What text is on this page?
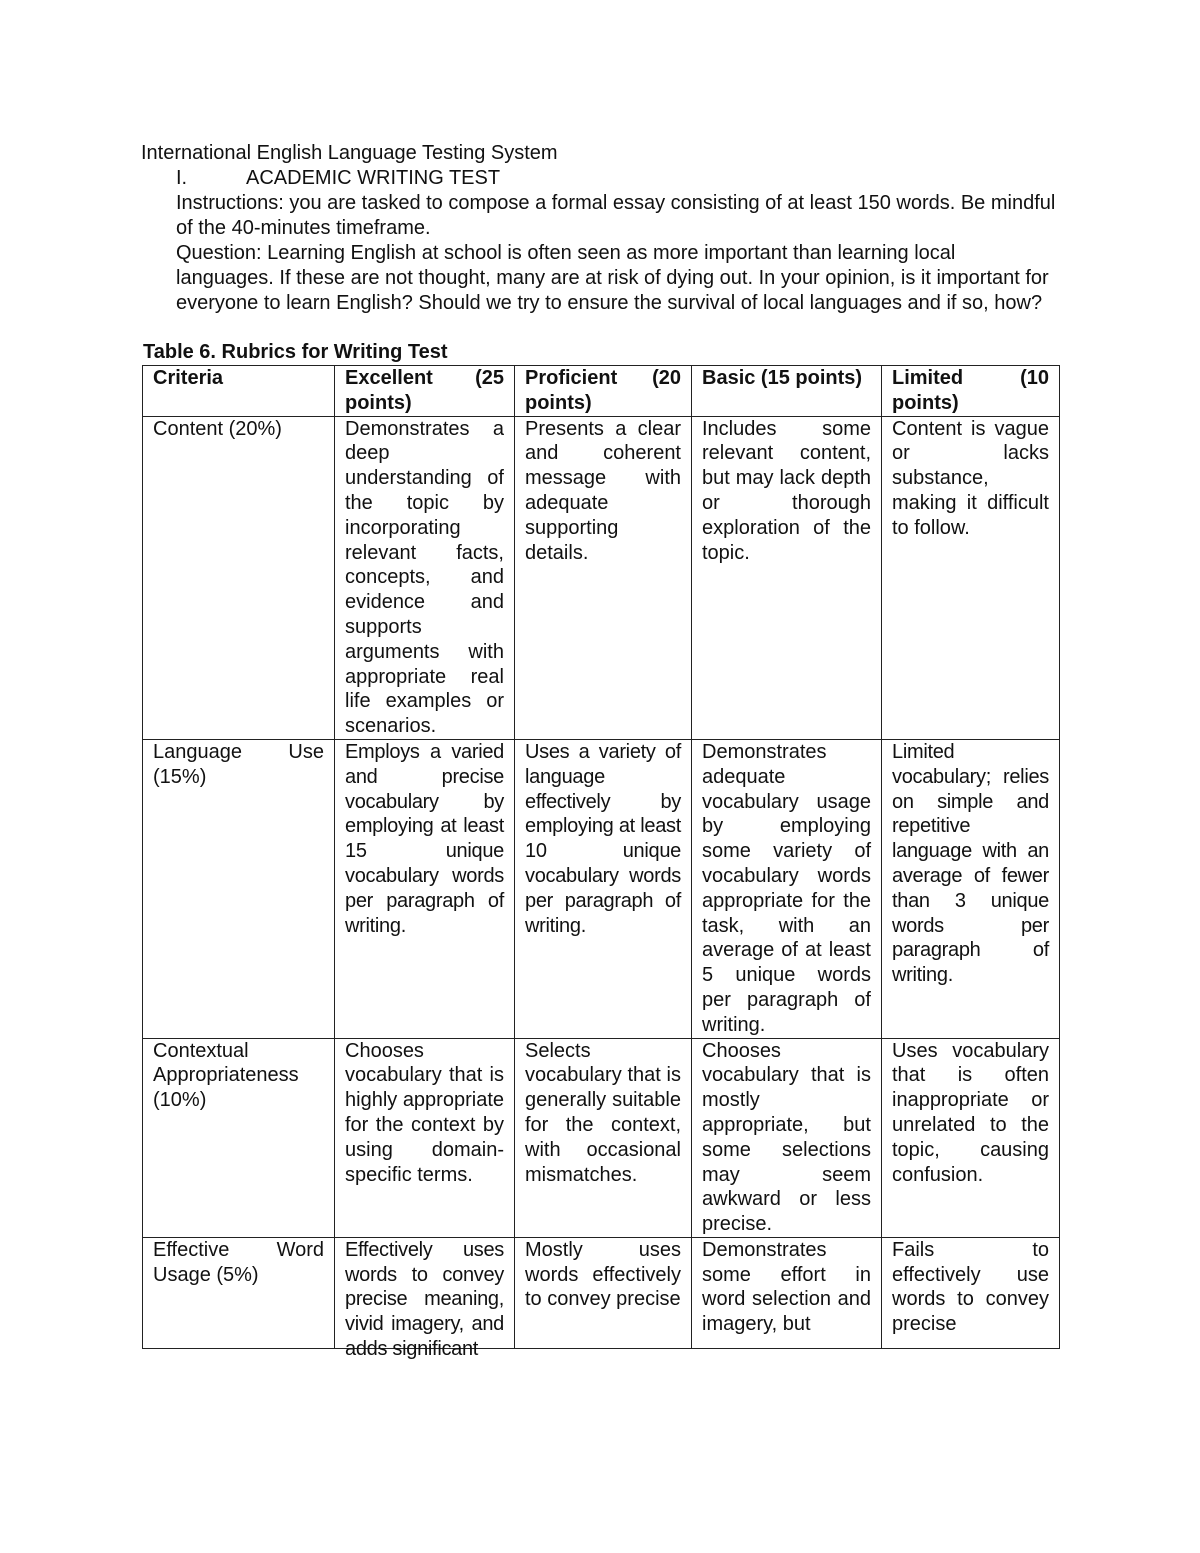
International English Language Testing System
I.	ACADEMIC WRITING TEST
Instructions: you are tasked to compose a formal essay consisting of at least 150 words. Be mindful of the 40-minutes timeframe.
Question: Learning English at school is often seen as more important than learning local languages. If these are not thought, many are at risk of dying out. In your opinion, is it important for everyone to learn English? Should we try to ensure the survival of local languages and if so, how?
Table 6. Rubrics for Writing Test
Criteria	Excellent (25 points)	Proficient (20 points)	Basic (15 points)	Limited (10 points)
Content (20%)	Demonstrates a deep understanding of the topic by incorporating relevant facts, concepts, and evidence and supports arguments with appropriate real life examples or scenarios.	Presents a clear and coherent message with adequate supporting details.	Includes some relevant content, but may lack depth or thorough exploration of the topic.	Content is vague or lacks substance, making it difficult to follow.
Language Use (15%)	Employs a varied and precise vocabulary by employing at least 15 unique vocabulary words per paragraph of writing.	Uses a variety of language effectively by employing at least 10 unique vocabulary words per paragraph of writing.	Demonstrates adequate vocabulary usage by employing some variety of vocabulary words appropriate for the task, with an average of at least 5 unique words per paragraph of writing.	Limited vocabulary; relies on simple and repetitive language with an average of fewer than 3 unique words per paragraph of writing.
Contextual Appropriateness (10%)	Chooses vocabulary that is highly appropriate for the context by using domain-specific terms.	Selects vocabulary that is generally suitable for the context, with occasional mismatches.	Chooses vocabulary that is mostly appropriate, but some selections may seem awkward or less precise.	Uses vocabulary that is often inappropriate or unrelated to the topic, causing confusion.

Effective Word Usage (5%)	Effectively uses words to convey precise meaning, vivid imagery, and adds significant	Mostly uses words effectively to convey precise	Demonstrates some effort in word selection and imagery, but	Fails to effectively use words to convey precise
